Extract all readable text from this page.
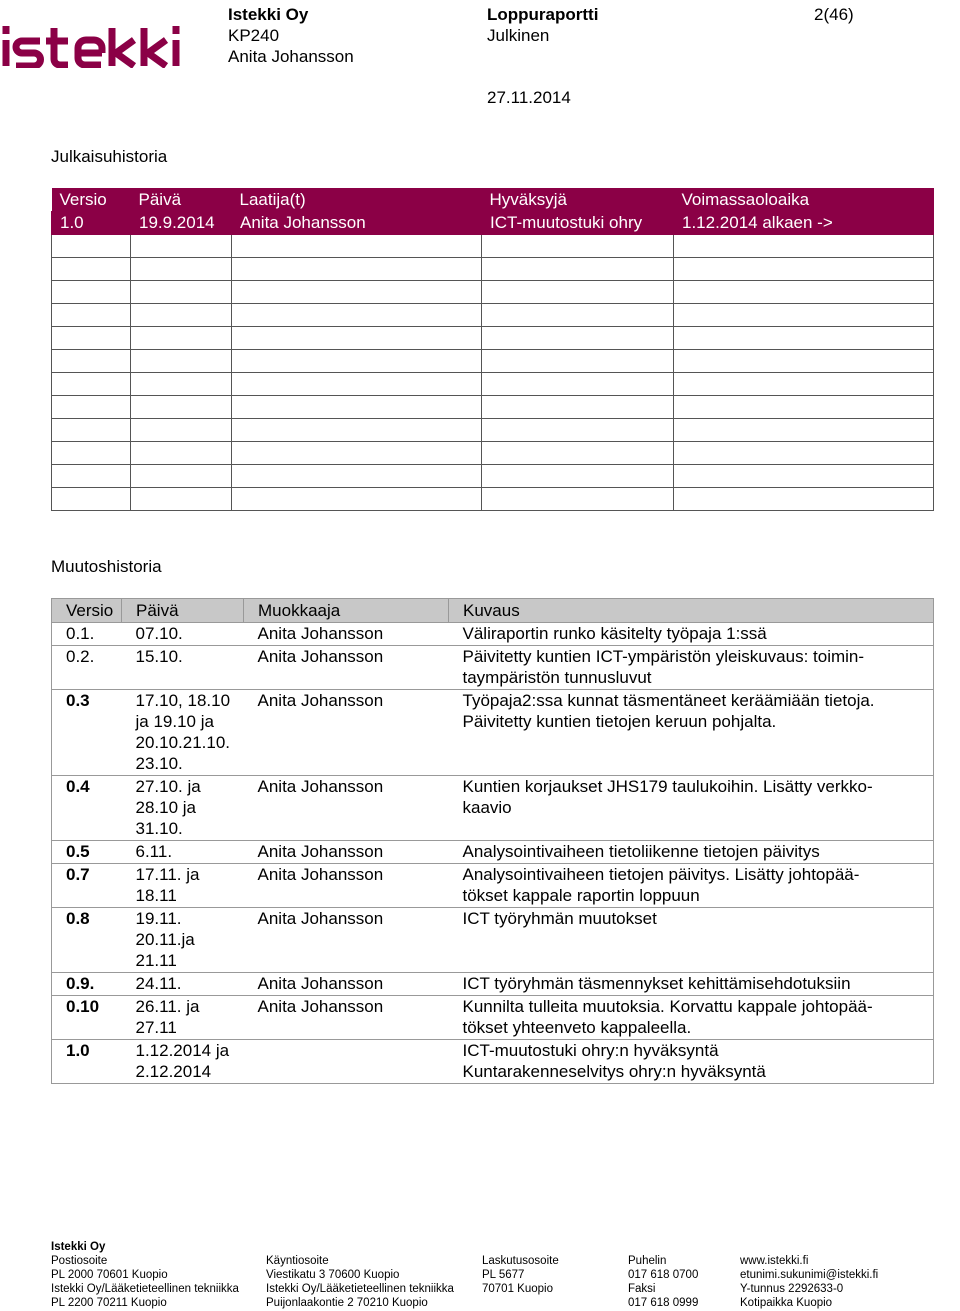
Istekki Oy
KP240
Anita Johansson
Loppuraportti
Julkinen
27.11.2014
2(46)
Julkaisuhistoria
Versio	Päivä	Laatija(t)	Hyväksyjä	Voimassaoloaika
1.0	19.9.2014	Anita Johansson	ICT-muutostuki ohry	1.12.2014 alkaen ->

Muutoshistoria
Versio	Päivä	Muokkaaja	Kuvaus
0.1.	07.10.	Anita Johansson	Väliraportin runko käsitelty työpaja 1:ssä
0.2.	15.10.	Anita Johansson	Päivitetty kuntien ICT-ympäristön yleiskuvaus: toimin-
taympäristön tunnusluvut
0.3	17.10, 18.10
ja 19.10 ja
20.10.21.10.
23.10.	Anita Johansson	Työpaja2:ssa kunnat täsmentäneet keräämiään tietoja.
Päivitetty kuntien tietojen keruun pohjalta.
0.4	27.10. ja
28.10 ja
31.10.	Anita Johansson	Kuntien korjaukset JHS179 taulukoihin. Lisätty verkko-
kaavio
0.5	6.11.	Anita Johansson	Analysointivaiheen tietoliikenne tietojen päivitys
0.7	17.11. ja
18.11	Anita Johansson	Analysointivaiheen tietojen päivitys. Lisätty johtopää-
tökset kappale raportin loppuun
0.8	19.11.
20.11.ja
21.11	Anita Johansson	ICT työryhmän muutokset
0.9.	24.11.	Anita Johansson	ICT työryhmän täsmennykset kehittämisehdotuksiin
0.10	26.11. ja
27.11	Anita Johansson	Kunnilta tulleita muutoksia. Korvattu kappale johtopää-
tökset yhteenveto kappaleella.
1.0	1.12.2014 ja
2.12.2014		ICT-muutostuki ohry:n hyväksyntä
Kuntarakenneselvitys ohry:n hyväksyntä
Istekki Oy
Postiosoite
PL 2000 70601 Kuopio
Istekki Oy/Lääketieteellinen tekniikka
PL 2200 70211 Kuopio
Käyntiosoite
Viestikatu 3 70600 Kuopio
Istekki Oy/Lääketieteellinen tekniikka
Puijonlaakontie 2 70210 Kuopio
Laskutusosoite
PL 5677
70701 Kuopio
Puhelin
017 618 0700
Faksi
017 618 0999
www.istekki.fi
etunimi.sukunimi@istekki.fi
Y-tunnus 2292633-0
Kotipaikka Kuopio
